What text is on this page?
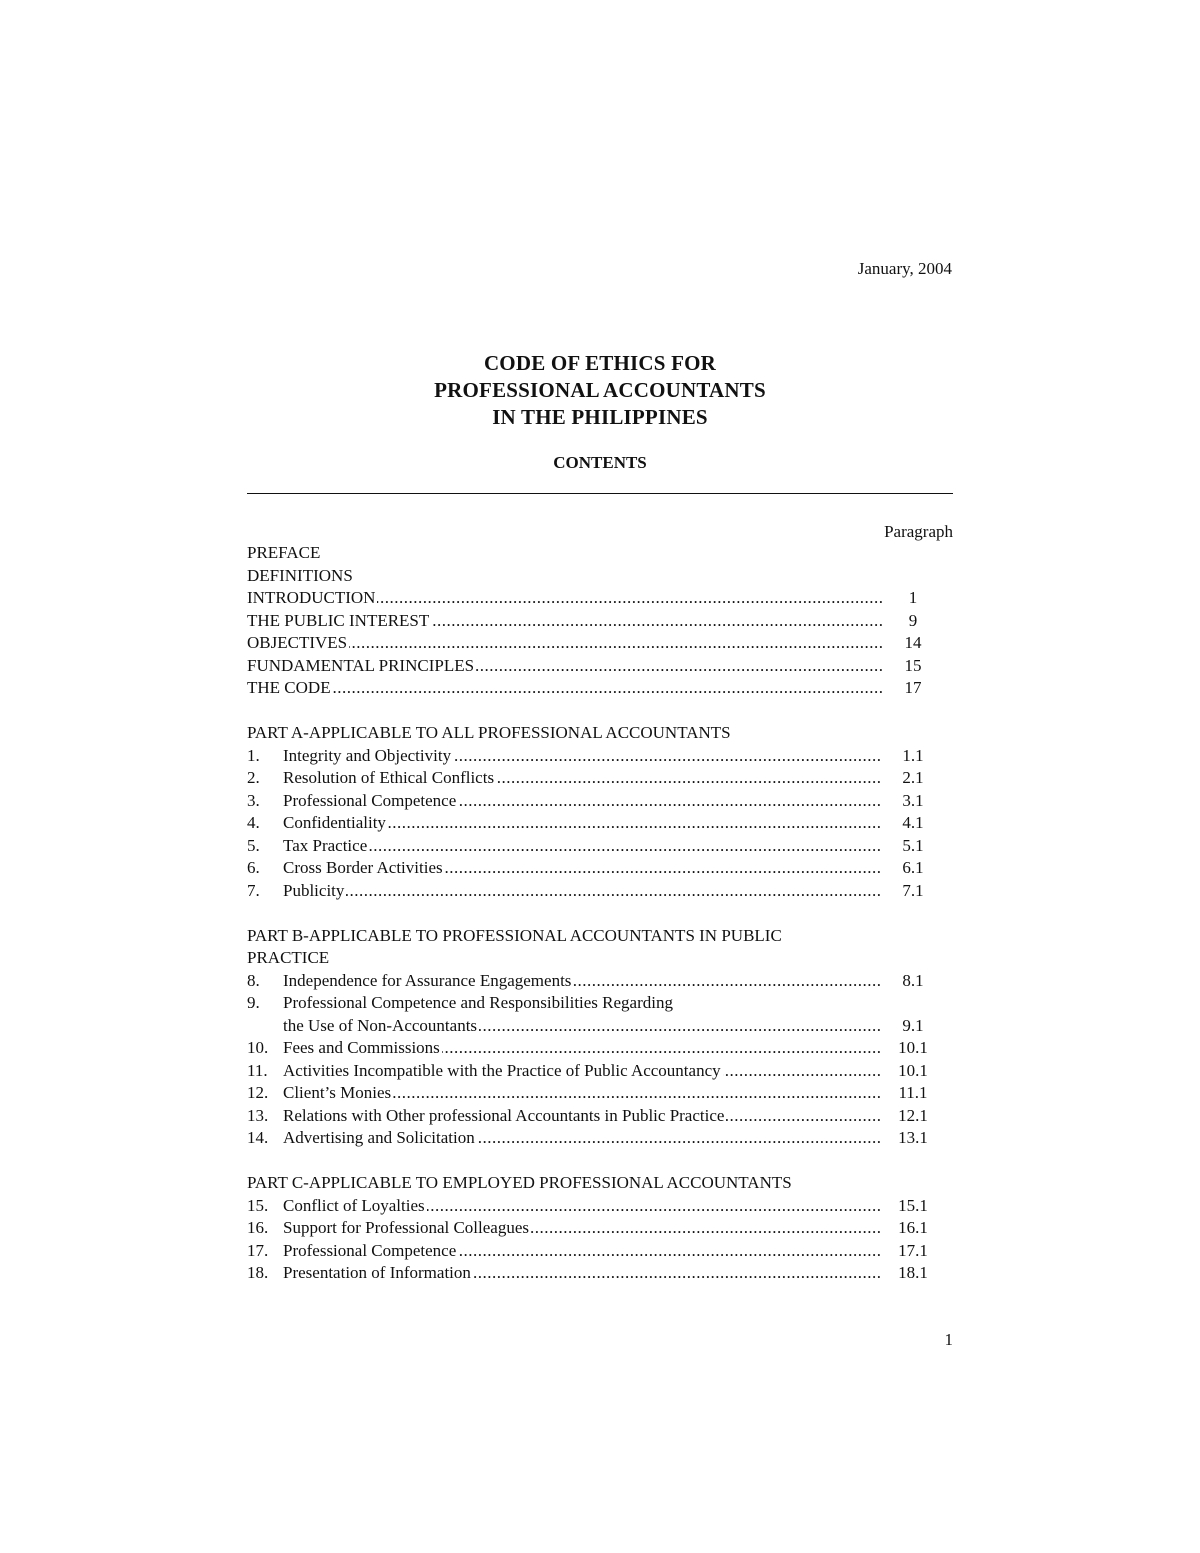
January, 2004
CODE OF ETHICS FOR
PROFESSIONAL ACCOUNTANTS
IN THE PHILIPPINES
CONTENTS
Paragraph
PREFACE
DEFINITIONS
INTRODUCTION .....	1
THE PUBLIC INTEREST .....	9
OBJECTIVES .....	14
FUNDAMENTAL PRINCIPLES .....	15
THE CODE .....	17
PART A-APPLICABLE TO ALL PROFESSIONAL ACCOUNTANTS
1.	Integrity and Objectivity .....	1.1
2.	Resolution of Ethical Conflicts .....	2.1
3.	Professional Competence .....	3.1
4.	Confidentiality .....	4.1
5.	Tax Practice .....	5.1
6.	Cross Border Activities .....	6.1
7.	Publicity .....	7.1
PART B-APPLICABLE TO PROFESSIONAL ACCOUNTANTS IN PUBLIC
PRACTICE
8.	Independence for Assurance Engagements .....	8.1
9.	Professional Competence and Responsibilities Regarding
the Use of Non-Accountants .....	9.1
10. Fees and Commissions .....	10.1
11. Activities Incompatible with the Practice of Public Accountancy .....	10.1
12. Client’s Monies .....	11.1
13. Relations with Other professional Accountants in Public Practice .....	12.1
14. Advertising and Solicitation .....	13.1
PART C-APPLICABLE TO EMPLOYED PROFESSIONAL ACCOUNTANTS
15. Conflict of Loyalties .....	15.1
16. Support for Professional Colleagues .....	16.1
17. Professional Competence .....	17.1
18. Presentation of Information .....	18.1
1
